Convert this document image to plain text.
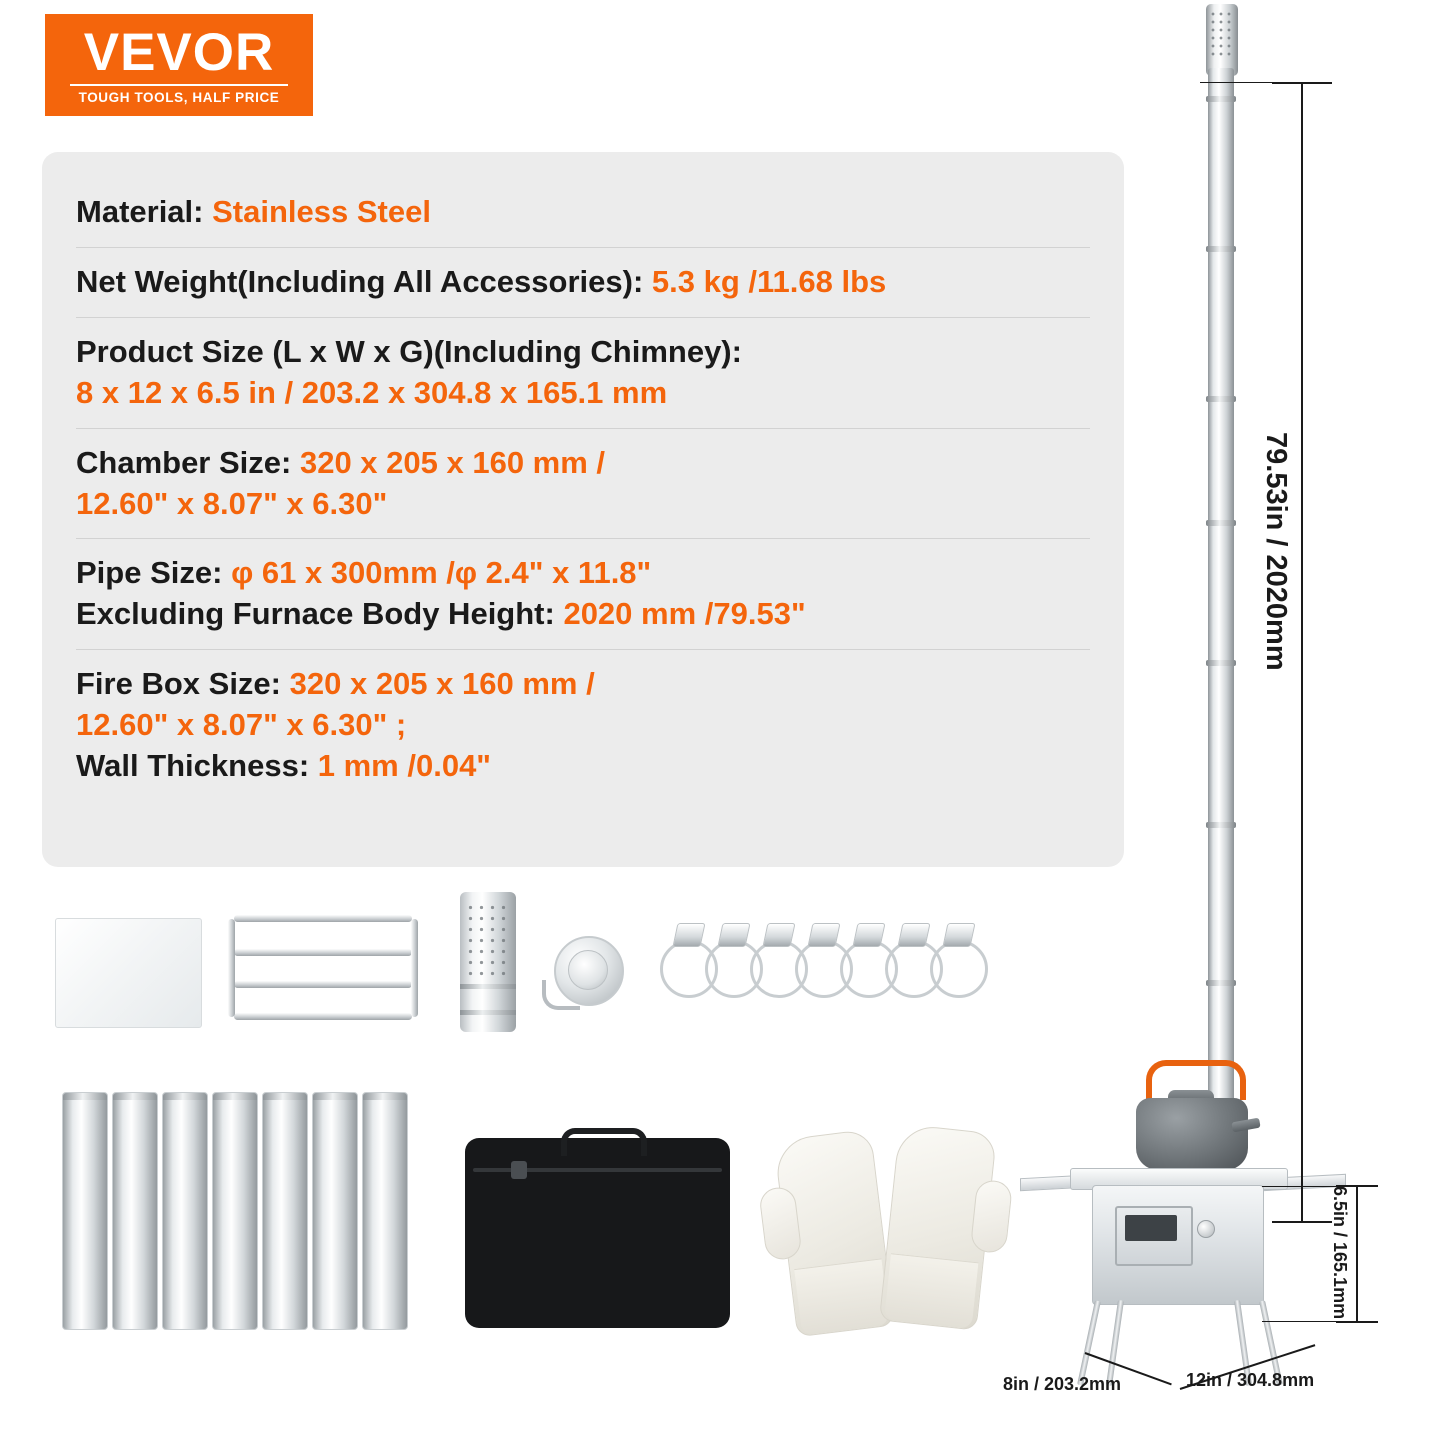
VEVOR
TOUGH TOOLS, HALF PRICE
Material: Stainless Steel
Net Weight(Including All Accessories): 5.3 kg /11.68 lbs
Product Size (L x W x G)(Including Chimney):
8 x 12 x 6.5 in / 203.2 x 304.8 x 165.1 mm
Chamber Size: 320 x 205 x 160 mm /
12.60" x 8.07" x 6.30"
Pipe Size: φ 61 x 300mm /φ 2.4" x 11.8"
Excluding Furnace Body Height: 2020 mm /79.53"
Fire Box Size: 320 x 205 x 160 mm /
12.60" x 8.07" x 6.30" ;
Wall Thickness: 1 mm /0.04"
79.53in / 2020mm
6.5in / 165.1mm
8in / 203.2mm	12in / 304.8mm
